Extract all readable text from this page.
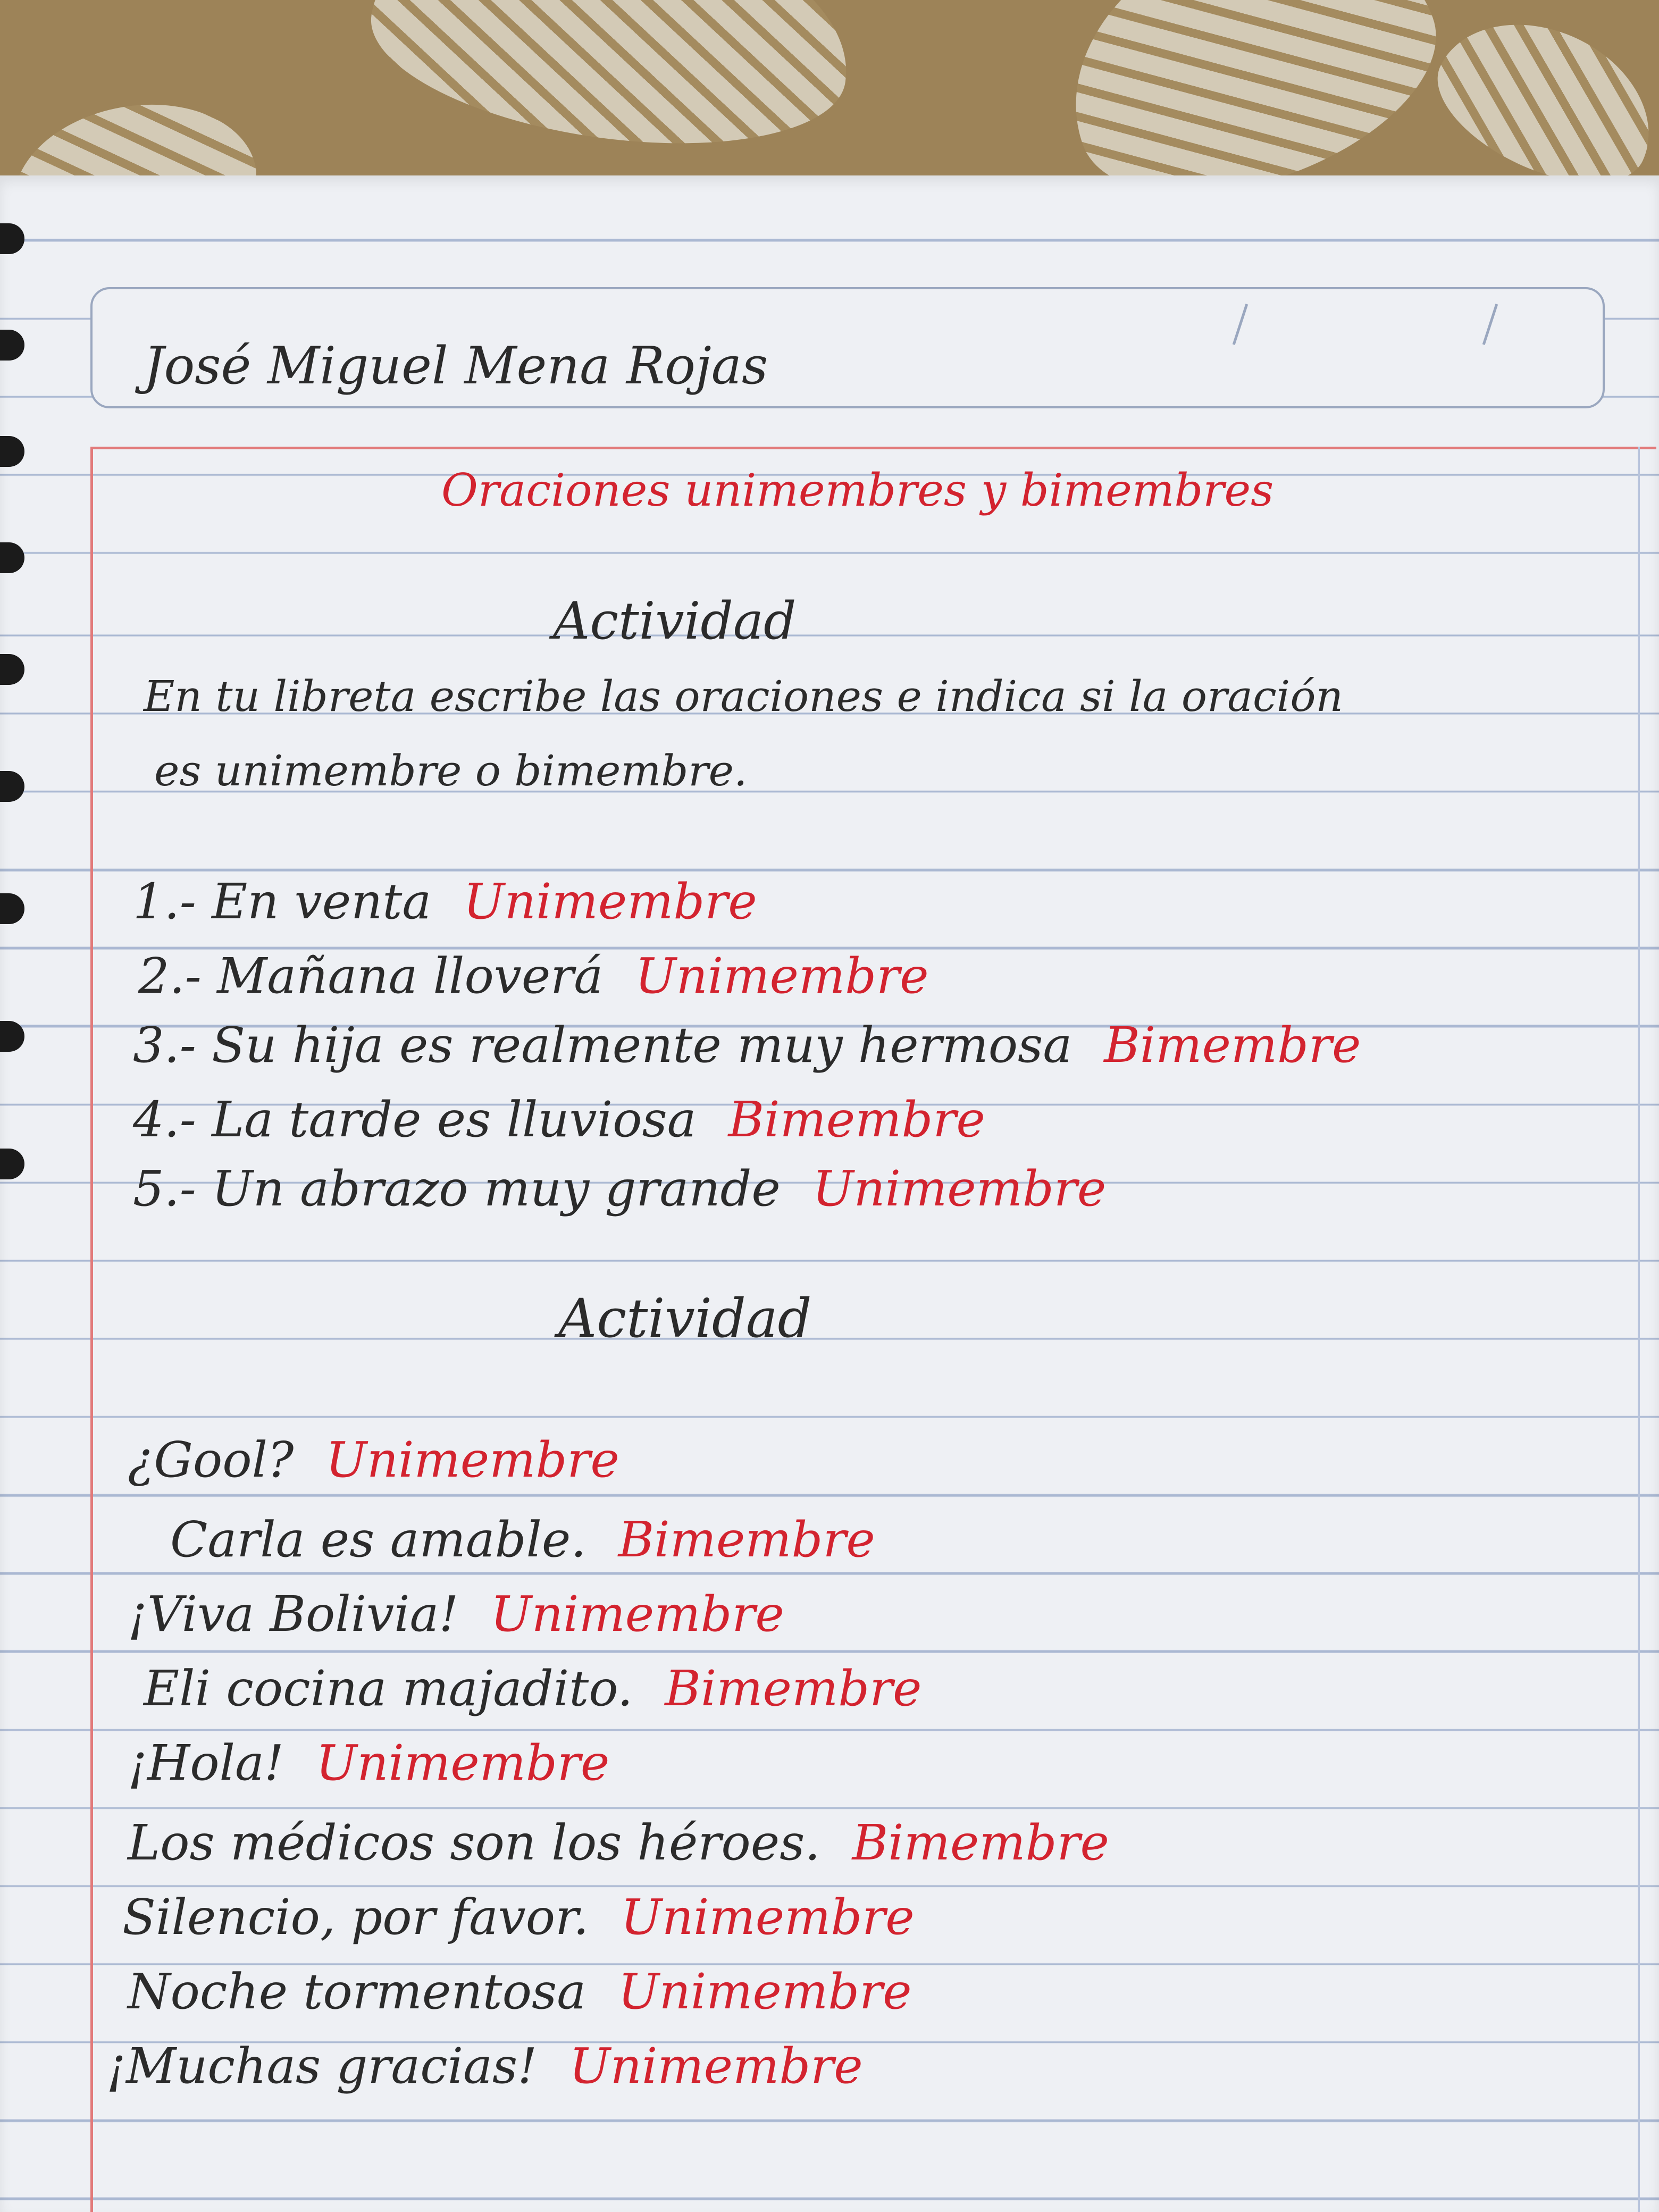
José Miguel Mena Rojas
Oraciones unimembres y bimembres
Actividad
En tu libreta escribe las oraciones e indica si la oración
es unimembre o bimembre.
1.- En venta Unimembre
2.- Mañana lloverá Unimembre
3.- Su hija es realmente muy hermosa Bimembre
4.- La tarde es lluviosa Bimembre
5.- Un abrazo muy grande Unimembre
Actividad
¿Gool? Unimembre
Carla es amable. Bimembre
¡Viva Bolivia! Unimembre
Eli cocina majadito. Bimembre
¡Hola! Unimembre
Los médicos son los héroes. Bimembre
Silencio, por favor. Unimembre
Noche tormentosa Unimembre
¡Muchas gracias! Unimembre
